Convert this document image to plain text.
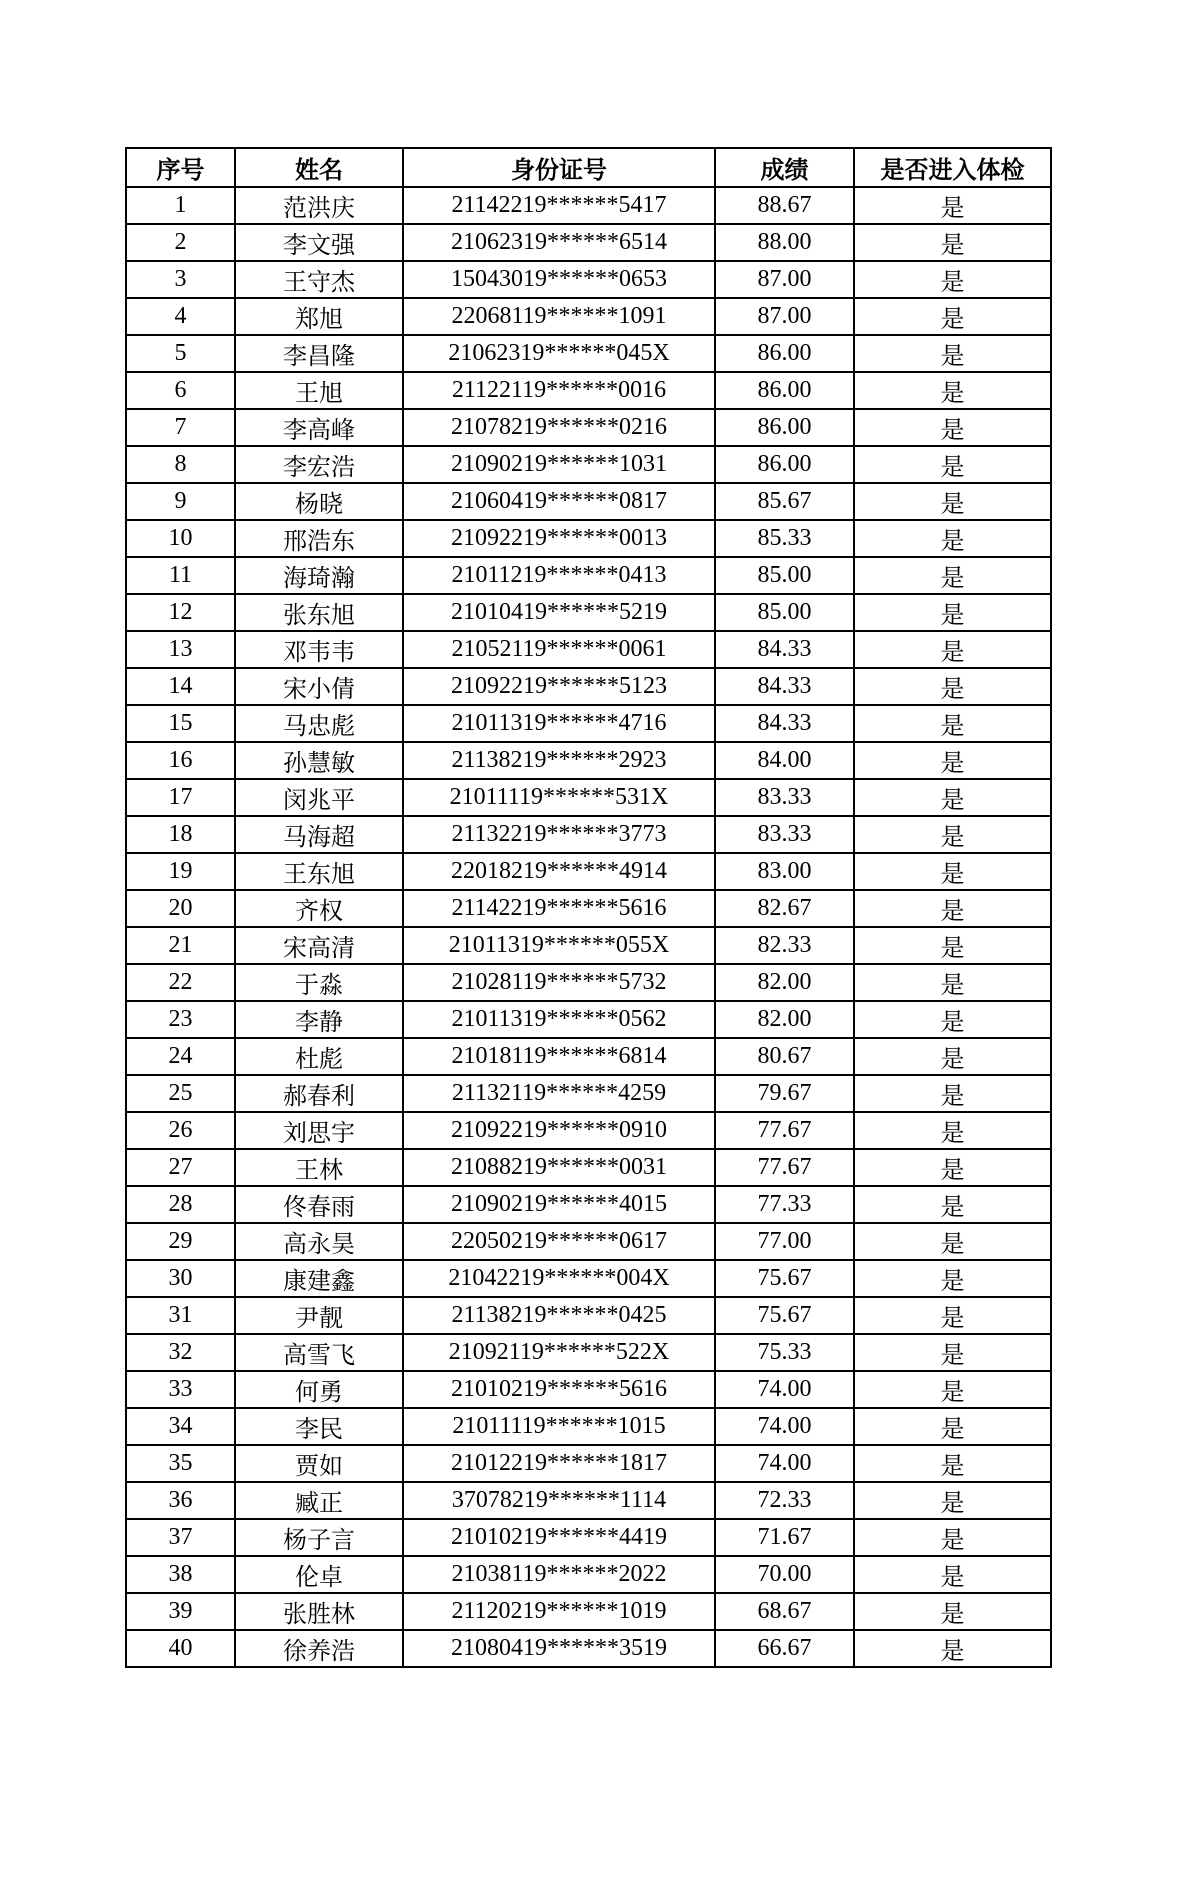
序号	姓名	身份证号	成绩	是否进入体检
1	范洪庆	21142219******5417	88.67	是
2	李文强	21062319******6514	88.00	是
3	王守杰	15043019******0653	87.00	是
4	郑旭	22068119******1091	87.00	是
5	李昌隆	21062319******045X	86.00	是
6	王旭	21122119******0016	86.00	是
7	李高峰	21078219******0216	86.00	是
8	李宏浩	21090219******1031	86.00	是
9	杨晓	21060419******0817	85.67	是
10	邢浩东	21092219******0013	85.33	是
11	海琦瀚	21011219******0413	85.00	是
12	张东旭	21010419******5219	85.00	是
13	邓韦韦	21052119******0061	84.33	是
14	宋小倩	21092219******5123	84.33	是
15	马忠彪	21011319******4716	84.33	是
16	孙慧敏	21138219******2923	84.00	是
17	闵兆平	21011119******531X	83.33	是
18	马海超	21132219******3773	83.33	是
19	王东旭	22018219******4914	83.00	是
20	齐权	21142219******5616	82.67	是
21	宋高清	21011319******055X	82.33	是
22	于淼	21028119******5732	82.00	是
23	李静	21011319******0562	82.00	是
24	杜彪	21018119******6814	80.67	是
25	郝春利	21132119******4259	79.67	是
26	刘思宇	21092219******0910	77.67	是
27	王林	21088219******0031	77.67	是
28	佟春雨	21090219******4015	77.33	是
29	高永昊	22050219******0617	77.00	是
30	康建鑫	21042219******004X	75.67	是
31	尹靓	21138219******0425	75.67	是
32	高雪飞	21092119******522X	75.33	是
33	何勇	21010219******5616	74.00	是
34	李民	21011119******1015	74.00	是
35	贾如	21012219******1817	74.00	是
36	臧正	37078219******1114	72.33	是
37	杨子言	21010219******4419	71.67	是
38	伦卓	21038119******2022	70.00	是
39	张胜林	21120219******1019	68.67	是
40	徐养浩	21080419******3519	66.67	是
